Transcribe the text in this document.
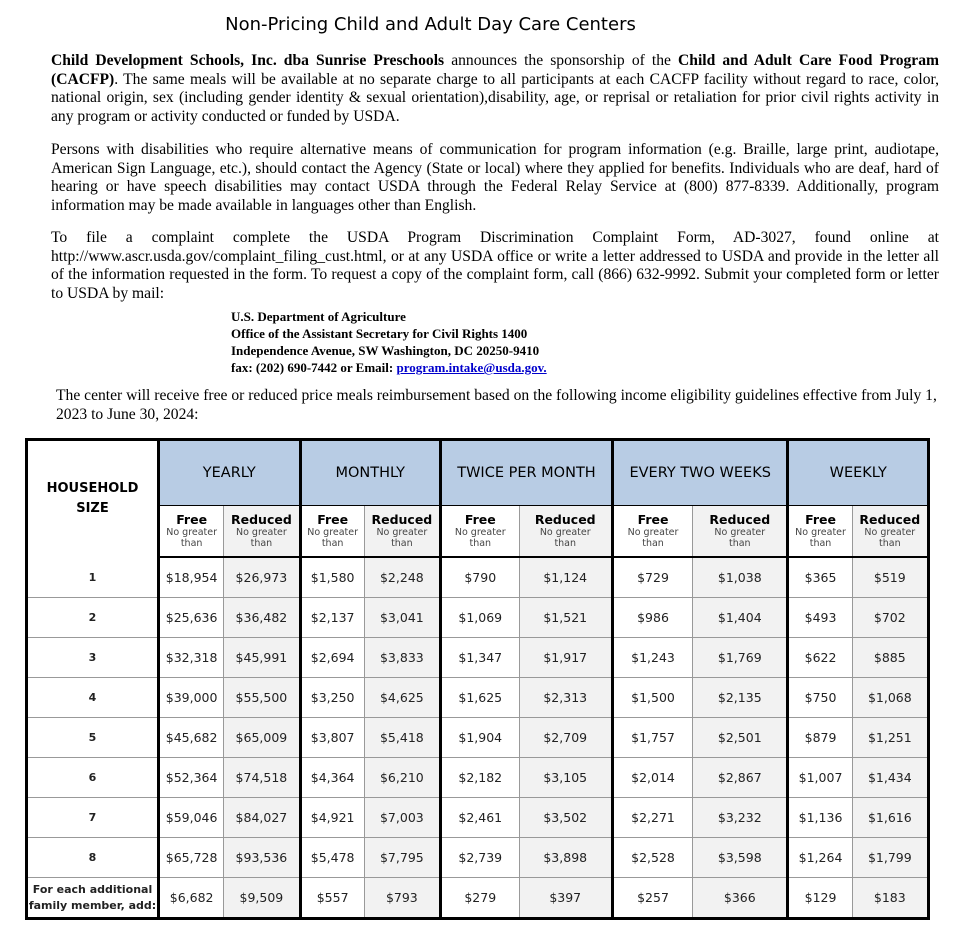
Non-Pricing Child and Adult Day Care Centers
Child Development Schools, Inc. dba Sunrise Preschools announces the sponsorship of the Child and Adult Care Food Program (CACFP). The same meals will be available at no separate charge to all participants at each CACFP facility without regard to race, color, national origin, sex (including gender identity & sexual orientation),disability, age, or reprisal or retaliation for prior civil rights activity in any program or activity conducted or funded by USDA.
Persons with disabilities who require alternative means of communication for program information (e.g. Braille, large print, audiotape, American Sign Language, etc.), should contact the Agency (State or local) where they applied for benefits. Individuals who are deaf, hard of hearing or have speech disabilities may contact USDA through the Federal Relay Service at (800) 877-8339. Additionally, program information may be made available in languages other than English.
To file a complaint complete the USDA Program Discrimination Complaint Form, AD-3027, found online at http://www.ascr.usda.gov/complaint_filing_cust.html, or at any USDA office or write a letter addressed to USDA and provide in the letter all of the information requested in the form. To request a copy of the complaint form, call (866) 632-9992. Submit your completed form or letter to USDA by mail:
U.S. Department of Agriculture
Office of the Assistant Secretary for Civil Rights 1400
Independence Avenue, SW Washington, DC 20250-9410
fax: (202) 690-7442 or Email: program.intake@usda.gov.
The center will receive free or reduced price meals reimbursement based on the following income eligibility guidelines effective from July 1, 2023 to June 30, 2024:
HOUSEHOLD
SIZE	YEARLY		MONTHLY		TWICE PER MONTH		EVERY TWO WEEKS		WEEKLY	

	Free
No greater
than	Reduced
No greater
than	Free
No greater
than	Reduced
No greater
than	Free
No greater
than	Reduced
No greater
than	Free
No greater
than	Reduced
No greater
than	Free
No greater
than	Reduced
No greater
than

1	$18,954	$26,973	$1,580	$2,248	$790	$1,124	$729	$1,038	$365	$519
2	$25,636	$36,482	$2,137	$3,041	$1,069	$1,521	$986	$1,404	$493	$702
3	$32,318	$45,991	$2,694	$3,833	$1,347	$1,917	$1,243	$1,769	$622	$885
4	$39,000	$55,500	$3,250	$4,625	$1,625	$2,313	$1,500	$2,135	$750	$1,068
5	$45,682	$65,009	$3,807	$5,418	$1,904	$2,709	$1,757	$2,501	$879	$1,251
6	$52,364	$74,518	$4,364	$6,210	$2,182	$3,105	$2,014	$2,867	$1,007	$1,434
7	$59,046	$84,027	$4,921	$7,003	$2,461	$3,502	$2,271	$3,232	$1,136	$1,616
8	$65,728	$93,536	$5,478	$7,795	$2,739	$3,898	$2,528	$3,598	$1,264	$1,799
For each additional family member, add:	$6,682	$9,509	$557	$793	$279	$397	$257	$366	$129	$183
